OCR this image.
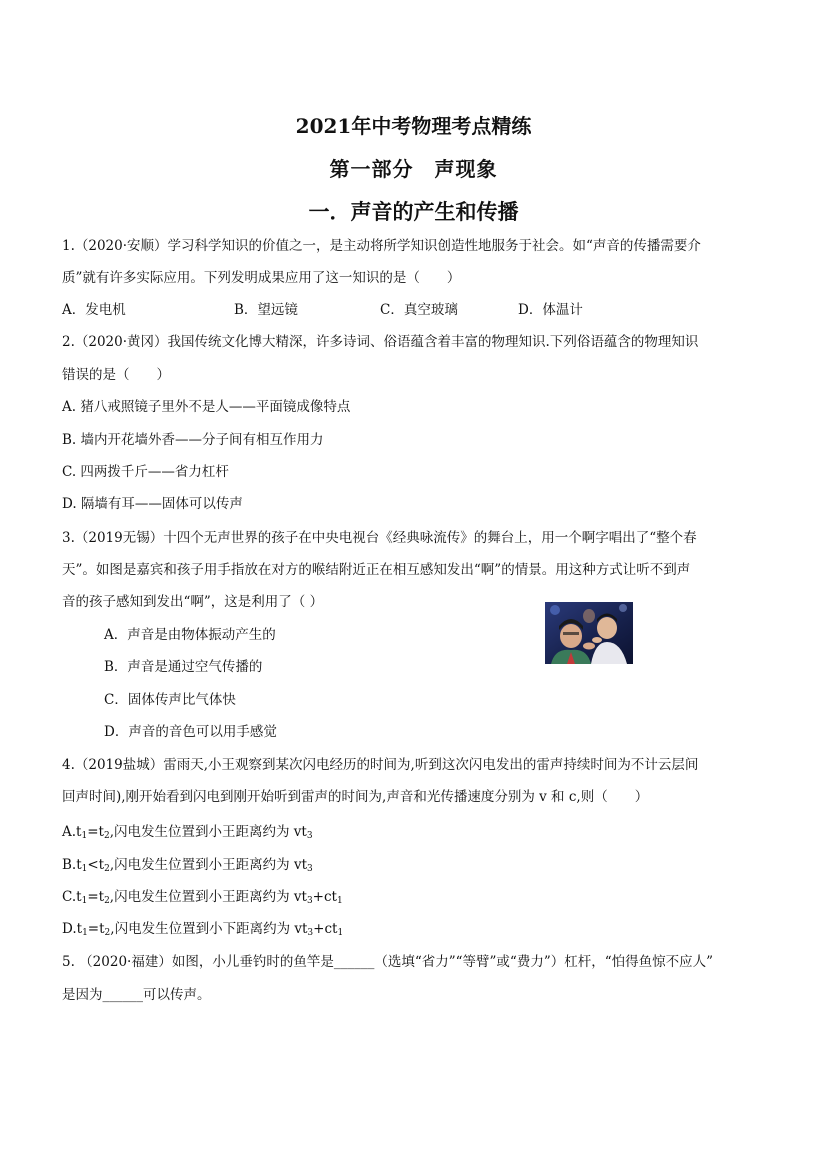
2021年中考物理考点精练
第一部分　声现象
一．声音的产生和传播
1.（2020·安顺）学习科学知识的价值之一，是主动将所学知识创造性地服务于社会。如“声音的传播需要介
质”就有许多实际应用。下列发明成果应用了这一知识的是（　　）
A．发电机	B．望远镜	C．真空玻璃	D．体温计
2.（2020·黄冈）我国传统文化博大精深，许多诗词、俗语蕴含着丰富的物理知识.下列俗语蕴含的物理知识
错误的是（　　）
A. 猪八戒照镜子里外不是人——平面镜成像特点
B. 墙内开花墙外香——分子间有相互作用力
C. 四两拨千斤——省力杠杆
D. 隔墙有耳——固体可以传声
3.（2019无锡）十四个无声世界的孩子在中央电视台《经典咏流传》的舞台上，用一个啊字唱出了“整个春
天”。如图是嘉宾和孩子用手指放在对方的喉结附近正在相互感知发出“啊”的情景。用这种方式让听不到声
音的孩子感知到发出“啊”，这是利用了（ ）
A．声音是由物体振动产生的
B．声音是通过空气传播的
C．固体传声比气体快
D．声音的音色可以用手感觉
4.（2019盐城）雷雨天,小王观察到某次闪电经历的时间为,听到这次闪电发出的雷声持续时间为不计云层间
回声时间),刚开始看到闪电到刚开始听到雷声的时间为,声音和光传播速度分别为 v 和 c,则（　　）
$A.t_1=t_2$,闪电发生位置到小王距离约为 $vt_3$
$B.t_1<t_2$,闪电发生位置到小王距离约为 $vt_3$
$C.t_1=t_2$,闪电发生位置到小王距离约为 $vt_3+ct_1$
$D.t_1=t_2$,闪电发生位置到小下距离约为 $vt_3+ct_1$
5. （2020·福建）如图，小儿垂钓时的鱼竿是______（选填“省力”“等臂”或“费力”）杠杆，“怕得鱼惊不应人”
是因为______可以传声。
